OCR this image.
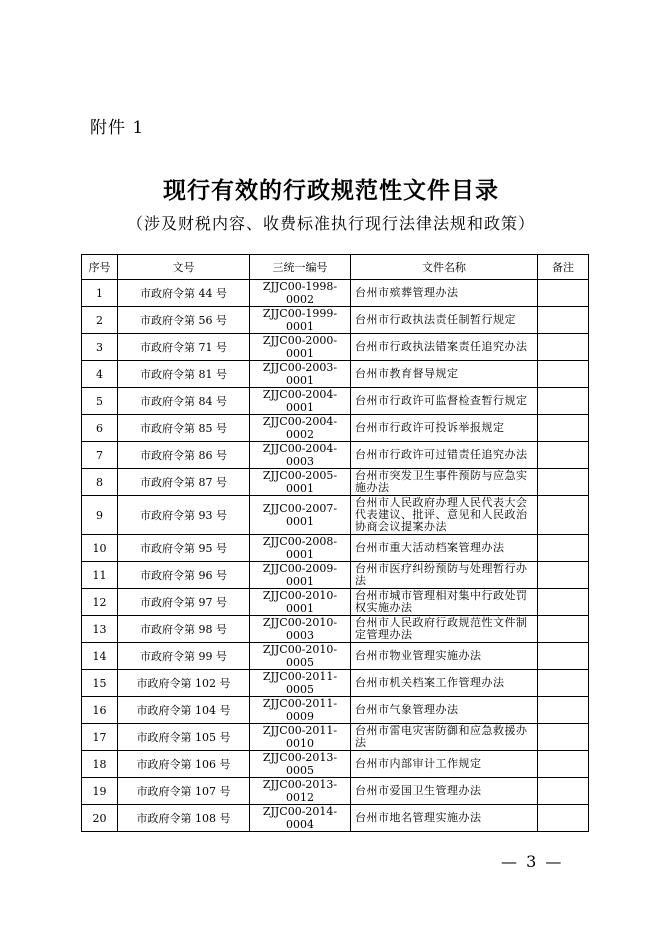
附件 1
现行有效的行政规范性文件目录
（涉及财税内容、收费标准执行现行法律法规和政策）
序号	文号	三统一编号	文件名称	备注
1	市政府令第 44 号	ZJJC00-1998-0002	台州市殡葬管理办法	
2	市政府令第 56 号	ZJJC00-1999-0001	台州市行政执法责任制暂行规定	
3	市政府令第 71 号	ZJJC00-2000-0001	台州市行政执法错案责任追究办法	
4	市政府令第 81 号	ZJJC00-2003-0001	台州市教育督导规定	
5	市政府令第 84 号	ZJJC00-2004-0001	台州市行政许可监督检查暂行规定	
6	市政府令第 85 号	ZJJC00-2004-0002	台州市行政许可投诉举报规定	
7	市政府令第 86 号	ZJJC00-2004-0003	台州市行政许可过错责任追究办法	
8	市政府令第 87 号	ZJJC00-2005-0001	台州市突发卫生事件预防与应急实施办法	
9	市政府令第 93 号	ZJJC00-2007-0001	台州市人民政府办理人民代表大会代表建议、批评、意见和人民政治协商会议提案办法	
10	市政府令第 95 号	ZJJC00-2008-0001	台州市重大活动档案管理办法	
11	市政府令第 96 号	ZJJC00-2009-0001	台州市医疗纠纷预防与处理暂行办法	
12	市政府令第 97 号	ZJJC00-2010-0001	台州市城市管理相对集中行政处罚权实施办法	
13	市政府令第 98 号	ZJJC00-2010-0003	台州市人民政府行政规范性文件制定管理办法	
14	市政府令第 99 号	ZJJC00-2010-0005	台州市物业管理实施办法	
15	市政府令第 102 号	ZJJC00-2011-0005	台州市机关档案工作管理办法	
16	市政府令第 104 号	ZJJC00-2011-0009	台州市气象管理办法	
17	市政府令第 105 号	ZJJC00-2011-0010	台州市雷电灾害防御和应急救援办法	
18	市政府令第 106 号	ZJJC00-2013-0005	台州市内部审计工作规定	
19	市政府令第 107 号	ZJJC00-2013-0012	台州市爱国卫生管理办法	
20	市政府令第 108 号	ZJJC00-2014-0004	台州市地名管理实施办法	
— 3 —
